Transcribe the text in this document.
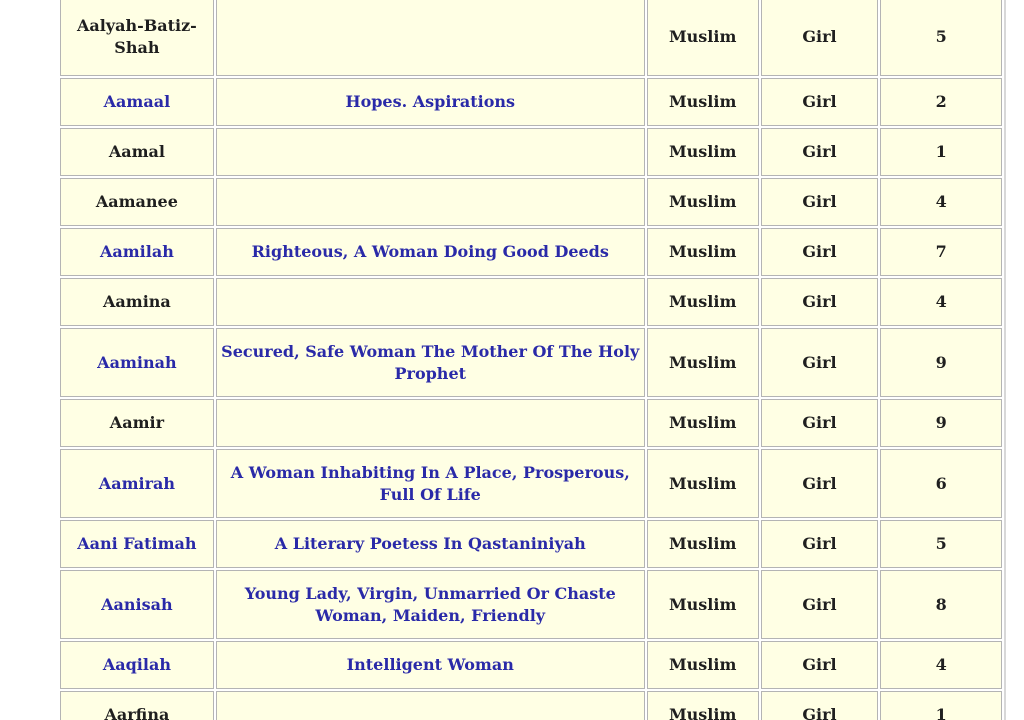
Aalyah-Batiz-Shah		Muslim	Girl	5
Aamaal	Hopes. Aspirations	Muslim	Girl	2
Aamal		Muslim	Girl	1
Aamanee		Muslim	Girl	4
Aamilah	Righteous, A Woman Doing Good Deeds	Muslim	Girl	7
Aamina		Muslim	Girl	4
Aaminah	Secured, Safe Woman The Mother Of The Holy Prophet	Muslim	Girl	9
Aamir		Muslim	Girl	9
Aamirah	A Woman Inhabiting In A Place, Prosperous, Full Of Life	Muslim	Girl	6
Aani Fatimah	A Literary Poetess In Qastaniniyah	Muslim	Girl	5
Aanisah	Young Lady, Virgin, Unmarried Or Chaste Woman, Maiden, Friendly	Muslim	Girl	8
Aaqilah	Intelligent Woman	Muslim	Girl	4
Aarfina		Muslim	Girl	1
